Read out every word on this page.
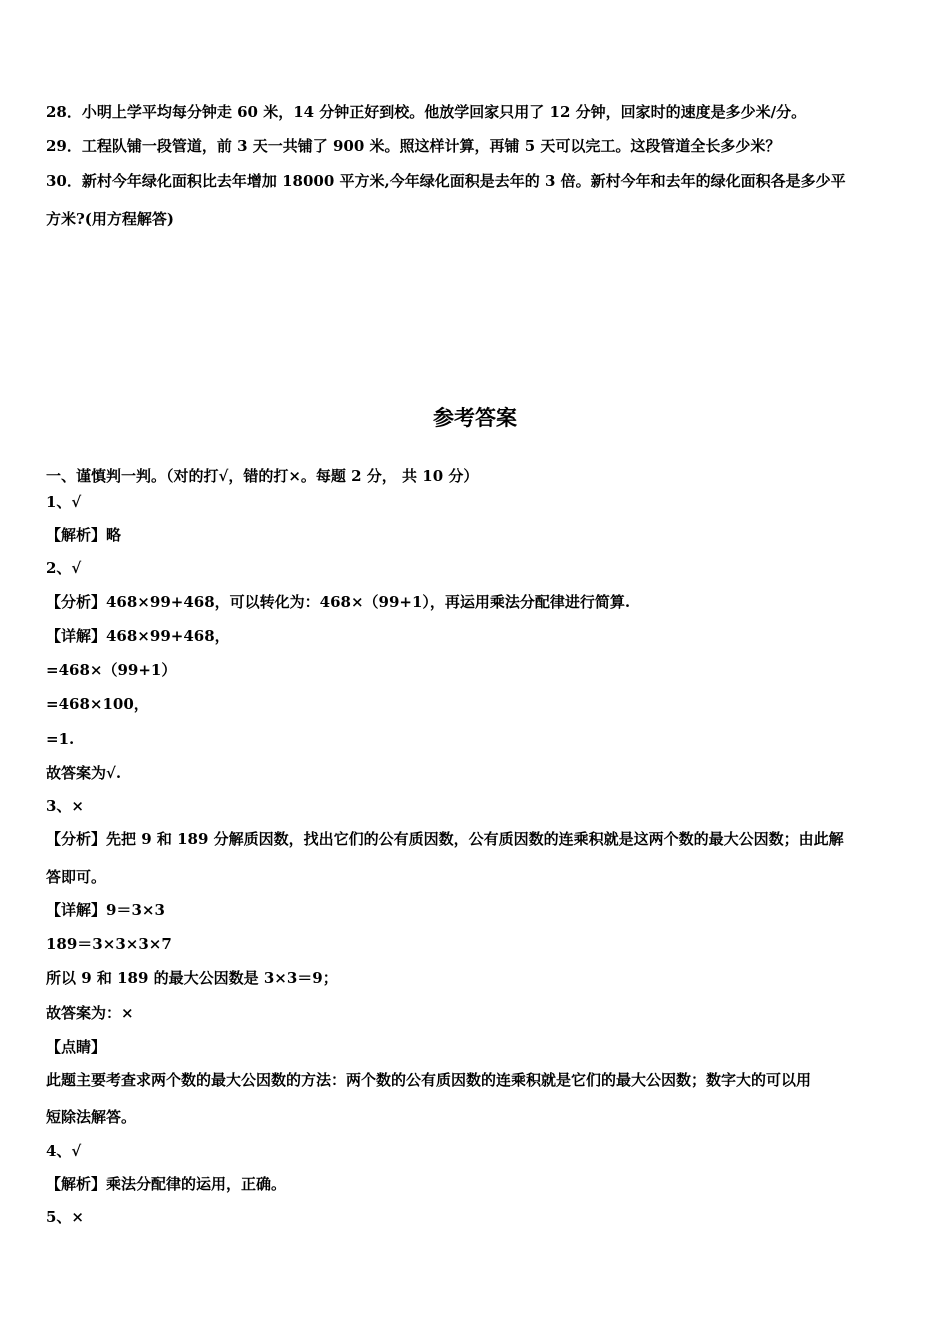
28．小明上学平均每分钟走 60 米，14 分钟正好到校。他放学回家只用了 12 分钟，回家时的速度是多少米/分。
29．工程队铺一段管道，前 3 天一共铺了 900 米。照这样计算，再铺 5 天可以完工。这段管道全长多少米？
30．新村今年绿化面积比去年增加 18000 平方米,今年绿化面积是去年的 3 倍。新村今年和去年的绿化面积各是多少平
方米?(用方程解答)
参考答案
一、谨慎判一判。（对的打√，错的打×。每题 2 分， 共 10 分）
1、√
【解析】略
2、√
【分析】468×99+468，可以转化为：468×（99+1），再运用乘法分配律进行简算.
【详解】468×99+468，
=468×（99+1）
=468×100，
=1.
故答案为√.
3、×
【分析】先把 9 和 189 分解质因数，找出它们的公有质因数，公有质因数的连乘积就是这两个数的最大公因数；由此解
答即可。
【详解】9＝3×3
189＝3×3×3×7
所以 9 和 189 的最大公因数是 3×3＝9；
故答案为：×
【点睛】
此题主要考查求两个数的最大公因数的方法：两个数的公有质因数的连乘积就是它们的最大公因数；数字大的可以用
短除法解答。
4、√
【解析】乘法分配律的运用，正确。
5、×
